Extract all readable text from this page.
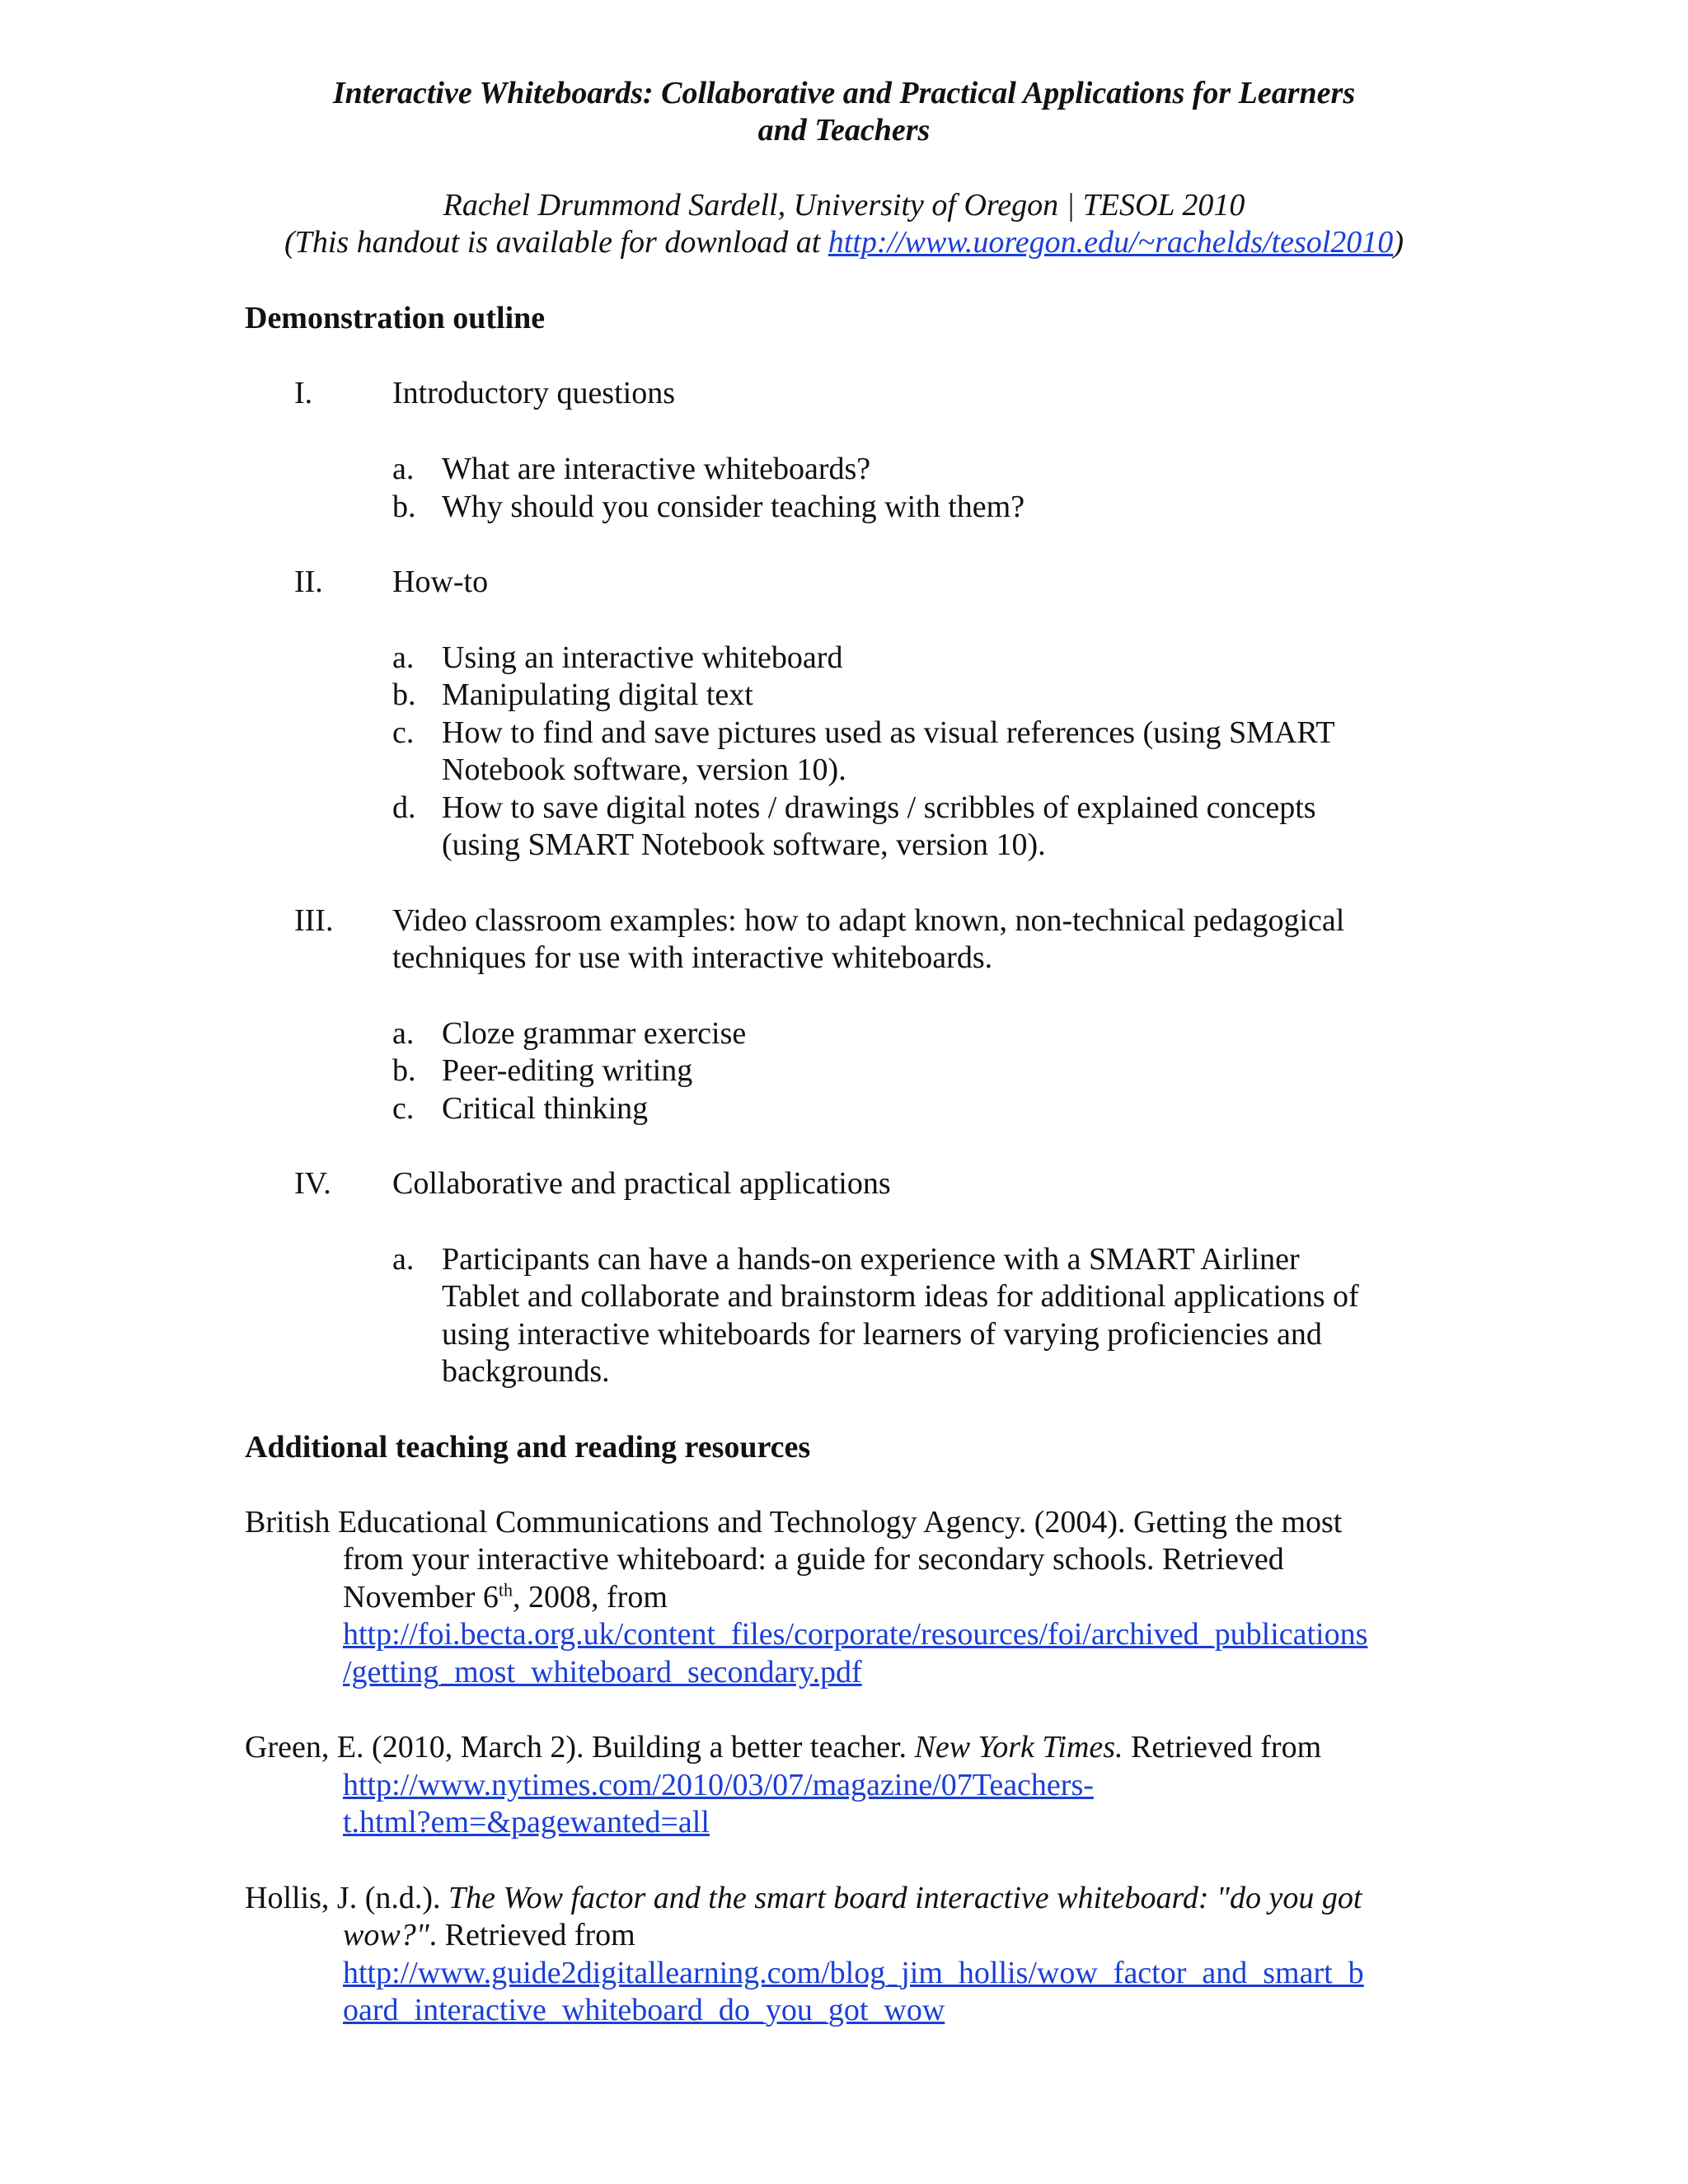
Interactive Whiteboards: Collaborative and Practical Applications for Learners
and Teachers
Rachel Drummond Sardell, University of Oregon | TESOL 2010
(This handout is available for download at http://www.uoregon.edu/~rachelds/tesol2010)
Demonstration outline
I.	Introductory questions
a. What are interactive whiteboards?
b. Why should you consider teaching with them?
II. How-to
a. Using an interactive whiteboard
b. Manipulating digital text
c. How to find and save pictures used as visual references (using SMART
Notebook software, version 10).
d. How to save digital notes / drawings / scribbles of explained concepts
(using SMART Notebook software, version 10).
III. Video classroom examples: how to adapt known, non-technical pedagogical
techniques for use with interactive whiteboards.
a. Cloze grammar exercise
b. Peer-editing writing
c. Critical thinking
IV. Collaborative and practical applications
a. Participants can have a hands-on experience with a SMART Airliner
Tablet and collaborate and brainstorm ideas for additional applications of
using interactive whiteboards for learners of varying proficiencies and
backgrounds.
Additional teaching and reading resources
British Educational Communications and Technology Agency. (2004). Getting the most
from your interactive whiteboard: a guide for secondary schools. Retrieved
November 6th, 2008, from
http://foi.becta.org.uk/content_files/corporate/resources/foi/archived_publications
/getting_most_whiteboard_secondary.pdf
Green, E. (2010, March 2). Building a better teacher. New York Times. Retrieved from
http://www.nytimes.com/2010/03/07/magazine/07Teachers-
t.html?em=&pagewanted=all
Hollis, J. (n.d.). The Wow factor and the smart board interactive whiteboard: "do you got
wow?". Retrieved from
http://www.guide2digitallearning.com/blog_jim_hollis/wow_factor_and_smart_b
oard_interactive_whiteboard_do_you_got_wow
